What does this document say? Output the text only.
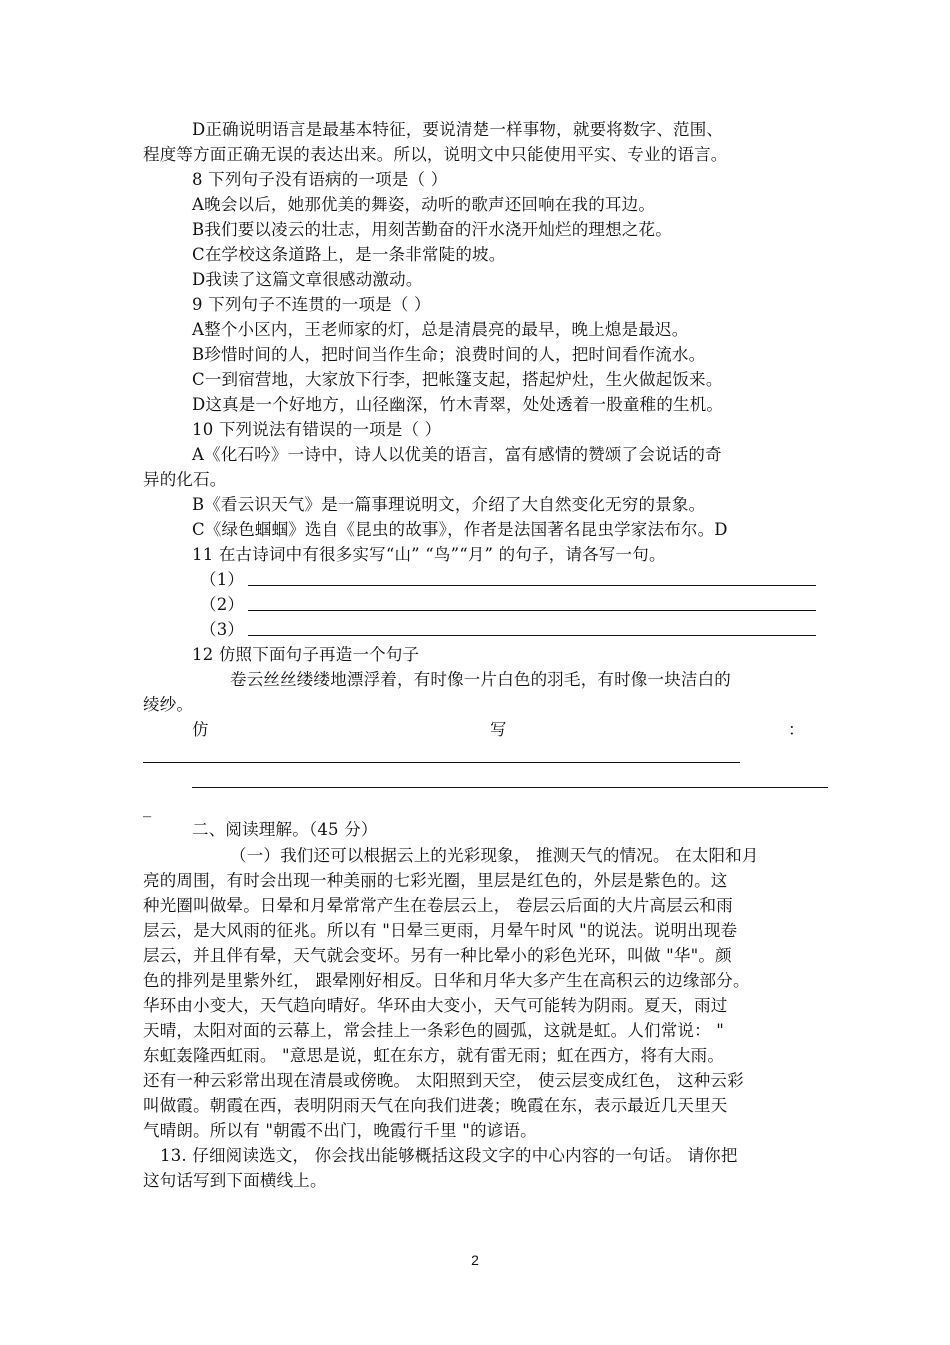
D正确说明语言是最基本特征，要说清楚一样事物，就要将数字、范围、
程度等方面正确无误的表达出来。所以，说明文中只能使用平实、专业的语言。
8 下列句子没有语病的一项是（ ）
A晚会以后，她那优美的舞姿，动听的歌声还回响在我的耳边。
B我们要以凌云的壮志，用刻苦勤奋的汗水浇开灿烂的理想之花。
C在学校这条道路上，是一条非常陡的坡。
D我读了这篇文章很感动激动。
9 下列句子不连贯的一项是（ ）
A整个小区内，王老师家的灯，总是清晨亮的最早，晚上熄是最迟。
B珍惜时间的人，把时间当作生命；浪费时间的人，把时间看作流水。
C一到宿营地，大家放下行李，把帐篷支起，搭起炉灶，生火做起饭来。
D这真是一个好地方，山径幽深，竹木青翠，处处透着一股童稚的生机。
10 下列说法有错误的一项是（ ）
A《化石吟》一诗中，诗人以优美的语言，富有感情的赞颂了会说话的奇
异的化石。
B《看云识天气》是一篇事理说明文，介绍了大自然变化无穷的景象。
C《绿色蝈蝈》选自《昆虫的故事》，作者是法国著名昆虫学家法布尔。D
11 在古诗词中有很多实写“山” “鸟”“月” 的句子，请各写一句。
（1）
（2）
（3）
12 仿照下面句子再造一个句子
卷云丝丝缕缕地漂浮着，有时像一片白色的羽毛，有时像一块洁白的
绫纱。
仿	写	：
_
二、阅读理解。（45 分）
（一）我们还可以根据云上的光彩现象， 推测天气的情况。 在太阳和月
亮的周围，有时会出现一种美丽的七彩光圈，里层是红色的，外层是紫色的。这
种光圈叫做晕。日晕和月晕常常产生在卷层云上， 卷层云后面的大片高层云和雨
层云，是大风雨的征兆。所以有 "日晕三更雨，月晕午时风 "的说法。说明出现卷
层云，并且伴有晕，天气就会变坏。另有一种比晕小的彩色光环，叫做 "华"。颜
色的排列是里紫外红， 跟晕刚好相反。日华和月华大多产生在高积云的边缘部分。
华环由小变大，天气趋向晴好。华环由大变小，天气可能转为阴雨。夏天，雨过
天晴，太阳对面的云幕上，常会挂上一条彩色的圆弧，这就是虹。人们常说： "
东虹轰隆西虹雨。 "意思是说，虹在东方，就有雷无雨；虹在西方，将有大雨。
还有一种云彩常出现在清晨或傍晚。 太阳照到天空， 使云层变成红色， 这种云彩
叫做霞。朝霞在西，表明阴雨天气在向我们进袭；晚霞在东，表示最近几天里天
气晴朗。所以有 "朝霞不出门，晚霞行千里 "的谚语。
13. 仔细阅读选文， 你会找出能够概括这段文字的中心内容的一句话。 请你把
这句话写到下面横线上。
2
